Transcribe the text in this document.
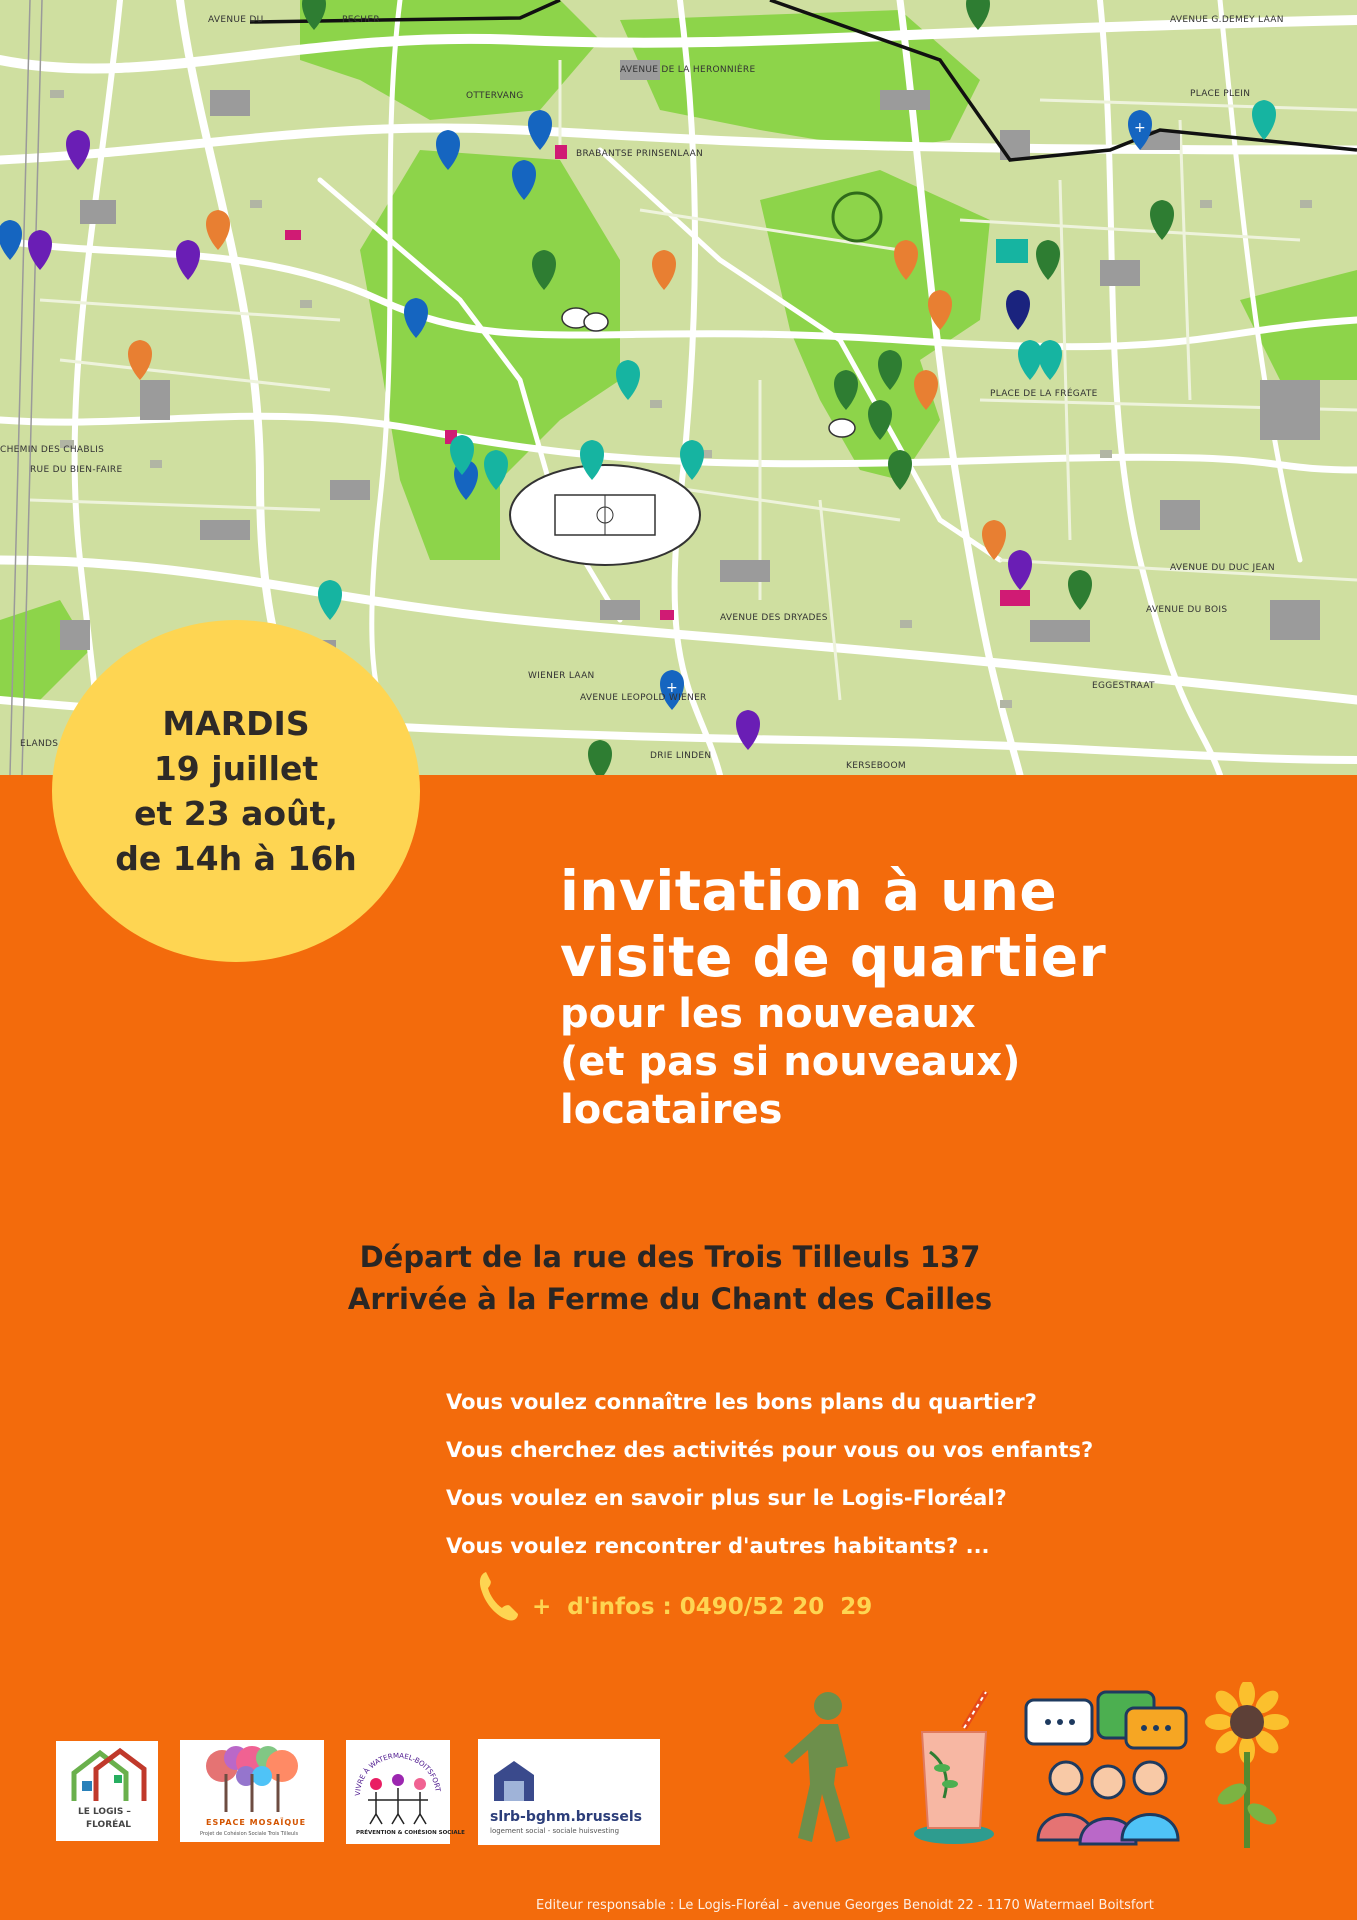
+
+
AVENUE DU	PECHER	AVENUE G.DEMEY LAAN
AVENUE DE LA HERONNIÈRE
OTTERVANG
BRABANTSE PRINSENLAAN
AVENUE DES DRYADES
WIENER LAAN
ELANDS
AVENUE LEOPOLD WIENER
DRIE LINDEN
KERSEBOOM
PLACE PLEIN
EGGESTRAAT
AVENUE DU BOIS
RUE DU BIEN-FAIRE
CHEMIN DES CHABLIS
AVENUE DU DUC JEAN
PLACE DE LA FRÉGATE
MARDIS
19 juillet
et 23 août,
de 14h à 16h
invitation à une
visite de quartier
pour les nouveaux
(et pas si nouveaux)
locataires
Départ de la rue des Trois Tilleuls 137
Arrivée à la Ferme du Chant des Cailles
Vous voulez connaître les bons plans du quartier?
Vous cherchez des activités pour vous ou vos enfants?
Vous voulez en savoir plus sur le Logis-Floréal?
Vous voulez rencontrer d'autres habitants? ...
+  d'infos : 0490/52 20  29
LE LOGIS –
FLORÉAL	ESPACE MOSAÏQUE
Projet de Cohésion Sociale Trois Tilleuls
VIVRE À WATERMAEL-BOITSFORT
PRÉVENTION & COHÉSION SOCIALE
slrb-bghm.brussels
logement social - sociale huisvesting
Editeur responsable : Le Logis-Floréal - avenue Georges Benoidt 22 - 1170 Watermael Boitsfort
